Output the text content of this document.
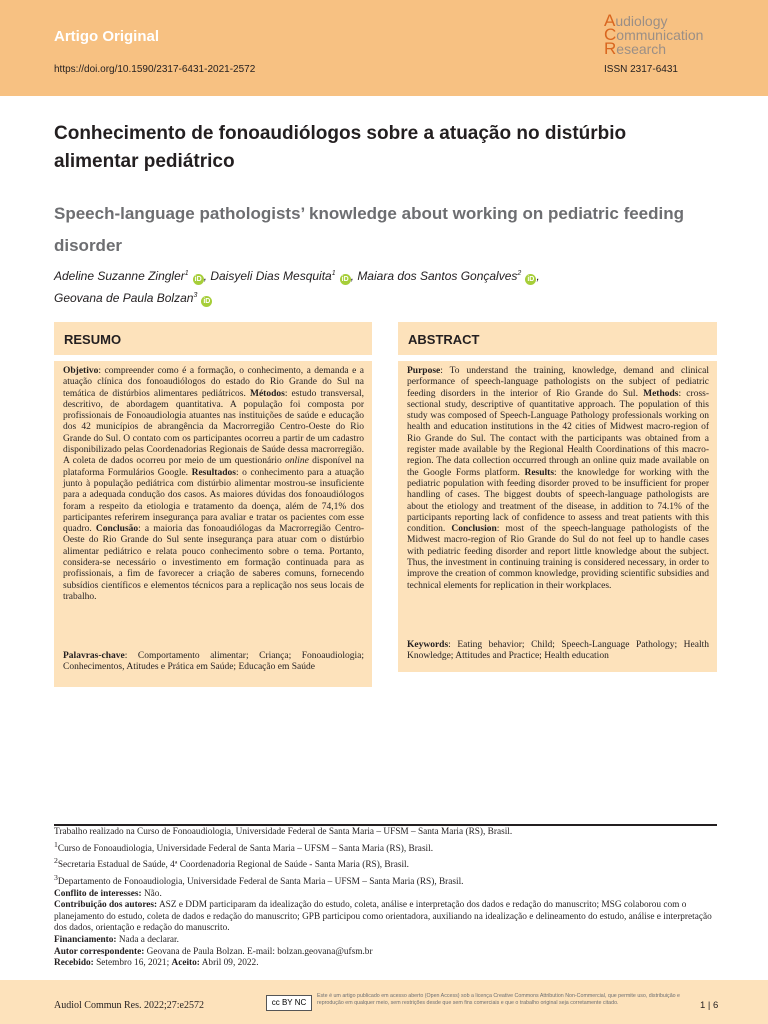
Artigo Original
https://doi.org/10.1590/2317-6431-2021-2572
Audiology
Communication
Research
ISSN 2317-6431
Conhecimento de fonoaudiólogos sobre a atuação no distúrbio alimentar pediátrico
Speech-language pathologists’ knowledge about working on pediatric feeding disorder
Adeline Suzanne Zingler$^1$iD , Daisyeli Dias Mesquita$^1$iD , Maiara dos Santos Gonçalves$^2$iD ,
Geovana de Paula Bolzan$^3$iD
RESUMO
Objetivo: compreender como é a formação, o conhecimento, a demanda e a atuação clínica dos fonoaudiólogos do estado do Rio Grande do Sul na temática de distúrbios alimentares pediátricos. Métodos: estudo transversal, descritivo, de abordagem quantitativa. A população foi composta por profissionais de Fonoaudiologia atuantes nas instituições de saúde e educação dos 42 municípios de abrangência da Macrorregião Centro-Oeste do Rio Grande do Sul. O contato com os participantes ocorreu a partir de um cadastro disponibilizado pelas Coordenadorias Regionais de Saúde dessa macrorregião. A coleta de dados ocorreu por meio de um questionário online disponível na plataforma Formulários Google. Resultados: o conhecimento para a atuação junto à população pediátrica com distúrbio alimentar mostrou-se insuficiente para a adequada condução dos casos. As maiores dúvidas dos fonoaudiólogos foram a respeito da etiologia e tratamento da doença, além de 74,1% dos participantes referirem insegurança para avaliar e tratar os pacientes com esse quadro. Conclusão: a maioria das fonoaudiólogas da Macrorregião Centro-Oeste do Rio Grande do Sul sente insegurança para atuar com o distúrbio alimentar pediátrico e relata pouco conhecimento sobre o tema. Portanto, considera-se necessário o investimento em formação continuada para as profissionais, a fim de favorecer a criação de saberes comuns, fornecendo subsídios científicos e elementos técnicos para a replicação nos seus locais de trabalho.
Palavras-chave: Comportamento alimentar; Criança; Fonoaudiologia; Conhecimentos, Atitudes e Prática em Saúde; Educação em Saúde
ABSTRACT
Purpose: To understand the training, knowledge, demand and clinical performance of speech-language pathologists on the subject of pediatric feeding disorders in the interior of Rio Grande do Sul. Methods: cross-sectional study, descriptive of quantitative approach. The population of this study was composed of Speech-Language Pathology professionals working on health and education institutions in the 42 cities of Midwest macro-region of Rio Grande do Sul. The contact with the participants was obtained from a register made available by the Regional Health Coordinations of this macro-region. The data collection occurred through an online quiz made available on the Google Forms platform. Results: the knowledge for working with the pediatric population with feeding disorder proved to be insufficient for proper handling of cases. The biggest doubts of speech-language pathologists are about the etiology and treatment of the disease, in addition to 74.1% of the participants reporting lack of confidence to assess and treat patients with this condition. Conclusion: most of the speech-language pathologists of the Midwest macro-region of Rio Grande do Sul do not feel up to handle cases with pediatric feeding disorder and report little knowledge about the subject. Thus, the investment in continuing training is considered necessary, in order to improve the creation of common knowledge, providing scientific subsidies and technical elements for replication in their workplaces.
Keywords: Eating behavior; Child; Speech-Language Pathology; Health Knowledge; Attitudes and Practice; Health education

Trabalho realizado na Curso de Fonoaudiologia, Universidade Federal de Santa Maria – UFSM – Santa Maria (RS), Brasil.

$^1$Curso de Fonoaudiologia, Universidade Federal de Santa Maria – UFSM – Santa Maria (RS), Brasil.

$^2$Secretaria Estadual de Saúde, 4ª Coordenadoria Regional de Saúde - Santa Maria (RS), Brasil.

$^3$Departamento de Fonoaudiologia, Universidade Federal de Santa Maria – UFSM – Santa Maria (RS), Brasil.

Conflito de interesses: Não.

Contribuição dos autores: ASZ e DDM participaram da idealização do estudo, coleta, análise e interpretação dos dados e redação do manuscrito; MSG colaborou com o planejamento do estudo, coleta de dados e redação do manuscrito; GPB participou como orientadora, auxiliando na idealização e delineamento do estudo, análise e interpretação dos dados, orientação e redação do manuscrito.

Financiamento: Nada a declarar.

Autor correspondente: Geovana de Paula Bolzan. E-mail: bolzan.geovana@ufsm.br

Recebido: Setembro 16, 2021; Aceito: Abril 09, 2022.

Audiol Commun Res. 2022;27:e2572	cc BY NC
Este é um artigo publicado em acesso aberto (Open Access) sob a licença Creative Commons Attribution Non-Commercial, que permite uso, distribuição e reprodução em qualquer meio, sem restrições desde que sem fins comerciais e que o trabalho original seja corretamente citado.	1 | 6
